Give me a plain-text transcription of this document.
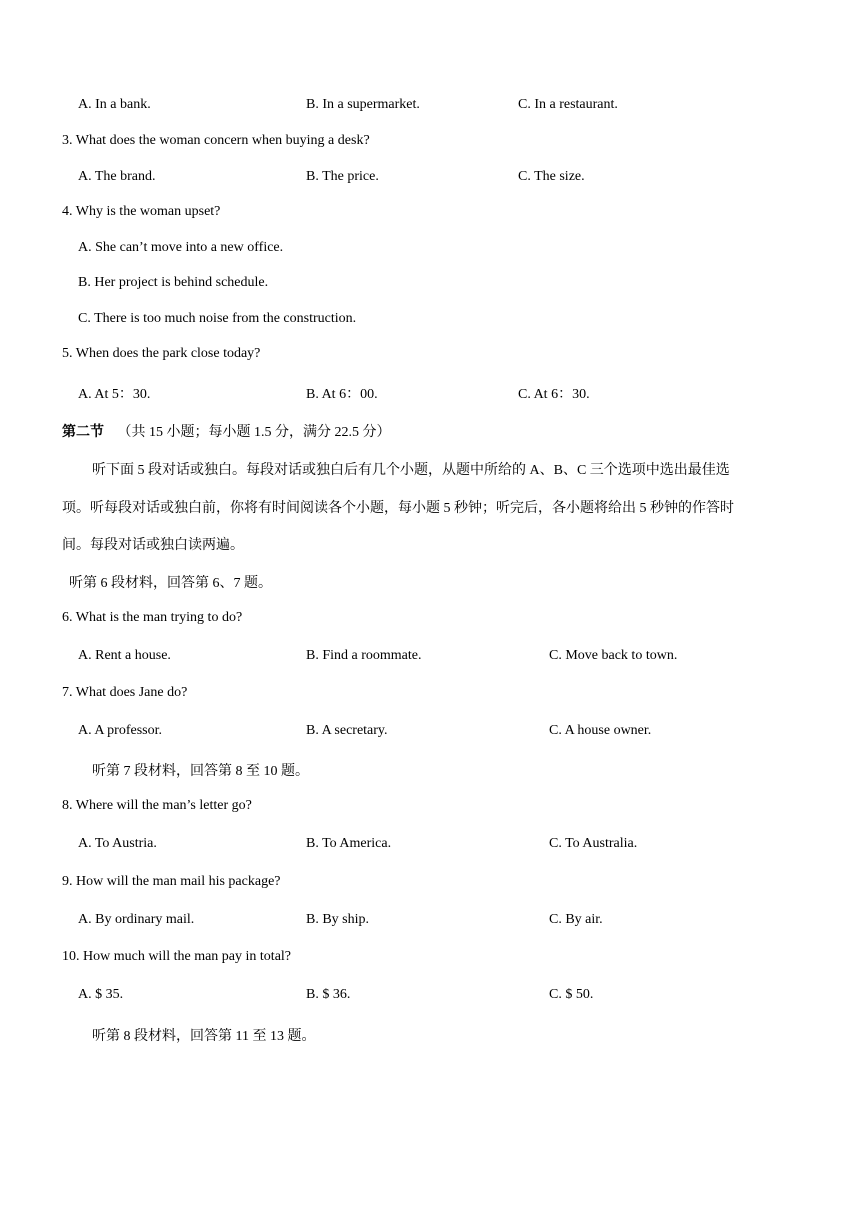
A. In a bank.	B. In a supermarket.	C. In a restaurant.
3. What does the woman concern when buying a desk?
A. The brand.	B. The price.	C. The size.
4. Why is the woman upset?
A. She can’t move into a new office.
B. Her project is behind schedule.
C. There is too much noise from the construction.
5. When does the park close today?
A. At 5：30.	B. At 6：00.	C. At 6：30.
第二节 （共 15 小题；每小题 1.5 分，满分 22.5 分）
听下面 5 段对话或独白。每段对话或独白后有几个小题，从题中所给的 A、B、C 三个选项中选出最佳选
项。听每段对话或独白前，你将有时间阅读各个小题，每小题 5 秒钟；听完后，各小题将给出 5 秒钟的作答时
间。每段对话或独白读两遍。
听第 6 段材料，回答第 6、7 题。
6. What is the man trying to do?
A. Rent a house.	B. Find a roommate.	C. Move back to town.
7. What does Jane do?
A. A professor.	B. A secretary.	C. A house owner.
听第 7 段材料，回答第 8 至 10 题。
8. Where will the man’s letter go?
A. To Austria.	B. To America.	C. To Australia.
9. How will the man mail his package?
A. By ordinary mail.	B. By ship.	C. By air.
10. How much will the man pay in total?
A. $ 35.	B. $ 36.	C. $ 50.
听第 8 段材料，回答第 11 至 13 题。
